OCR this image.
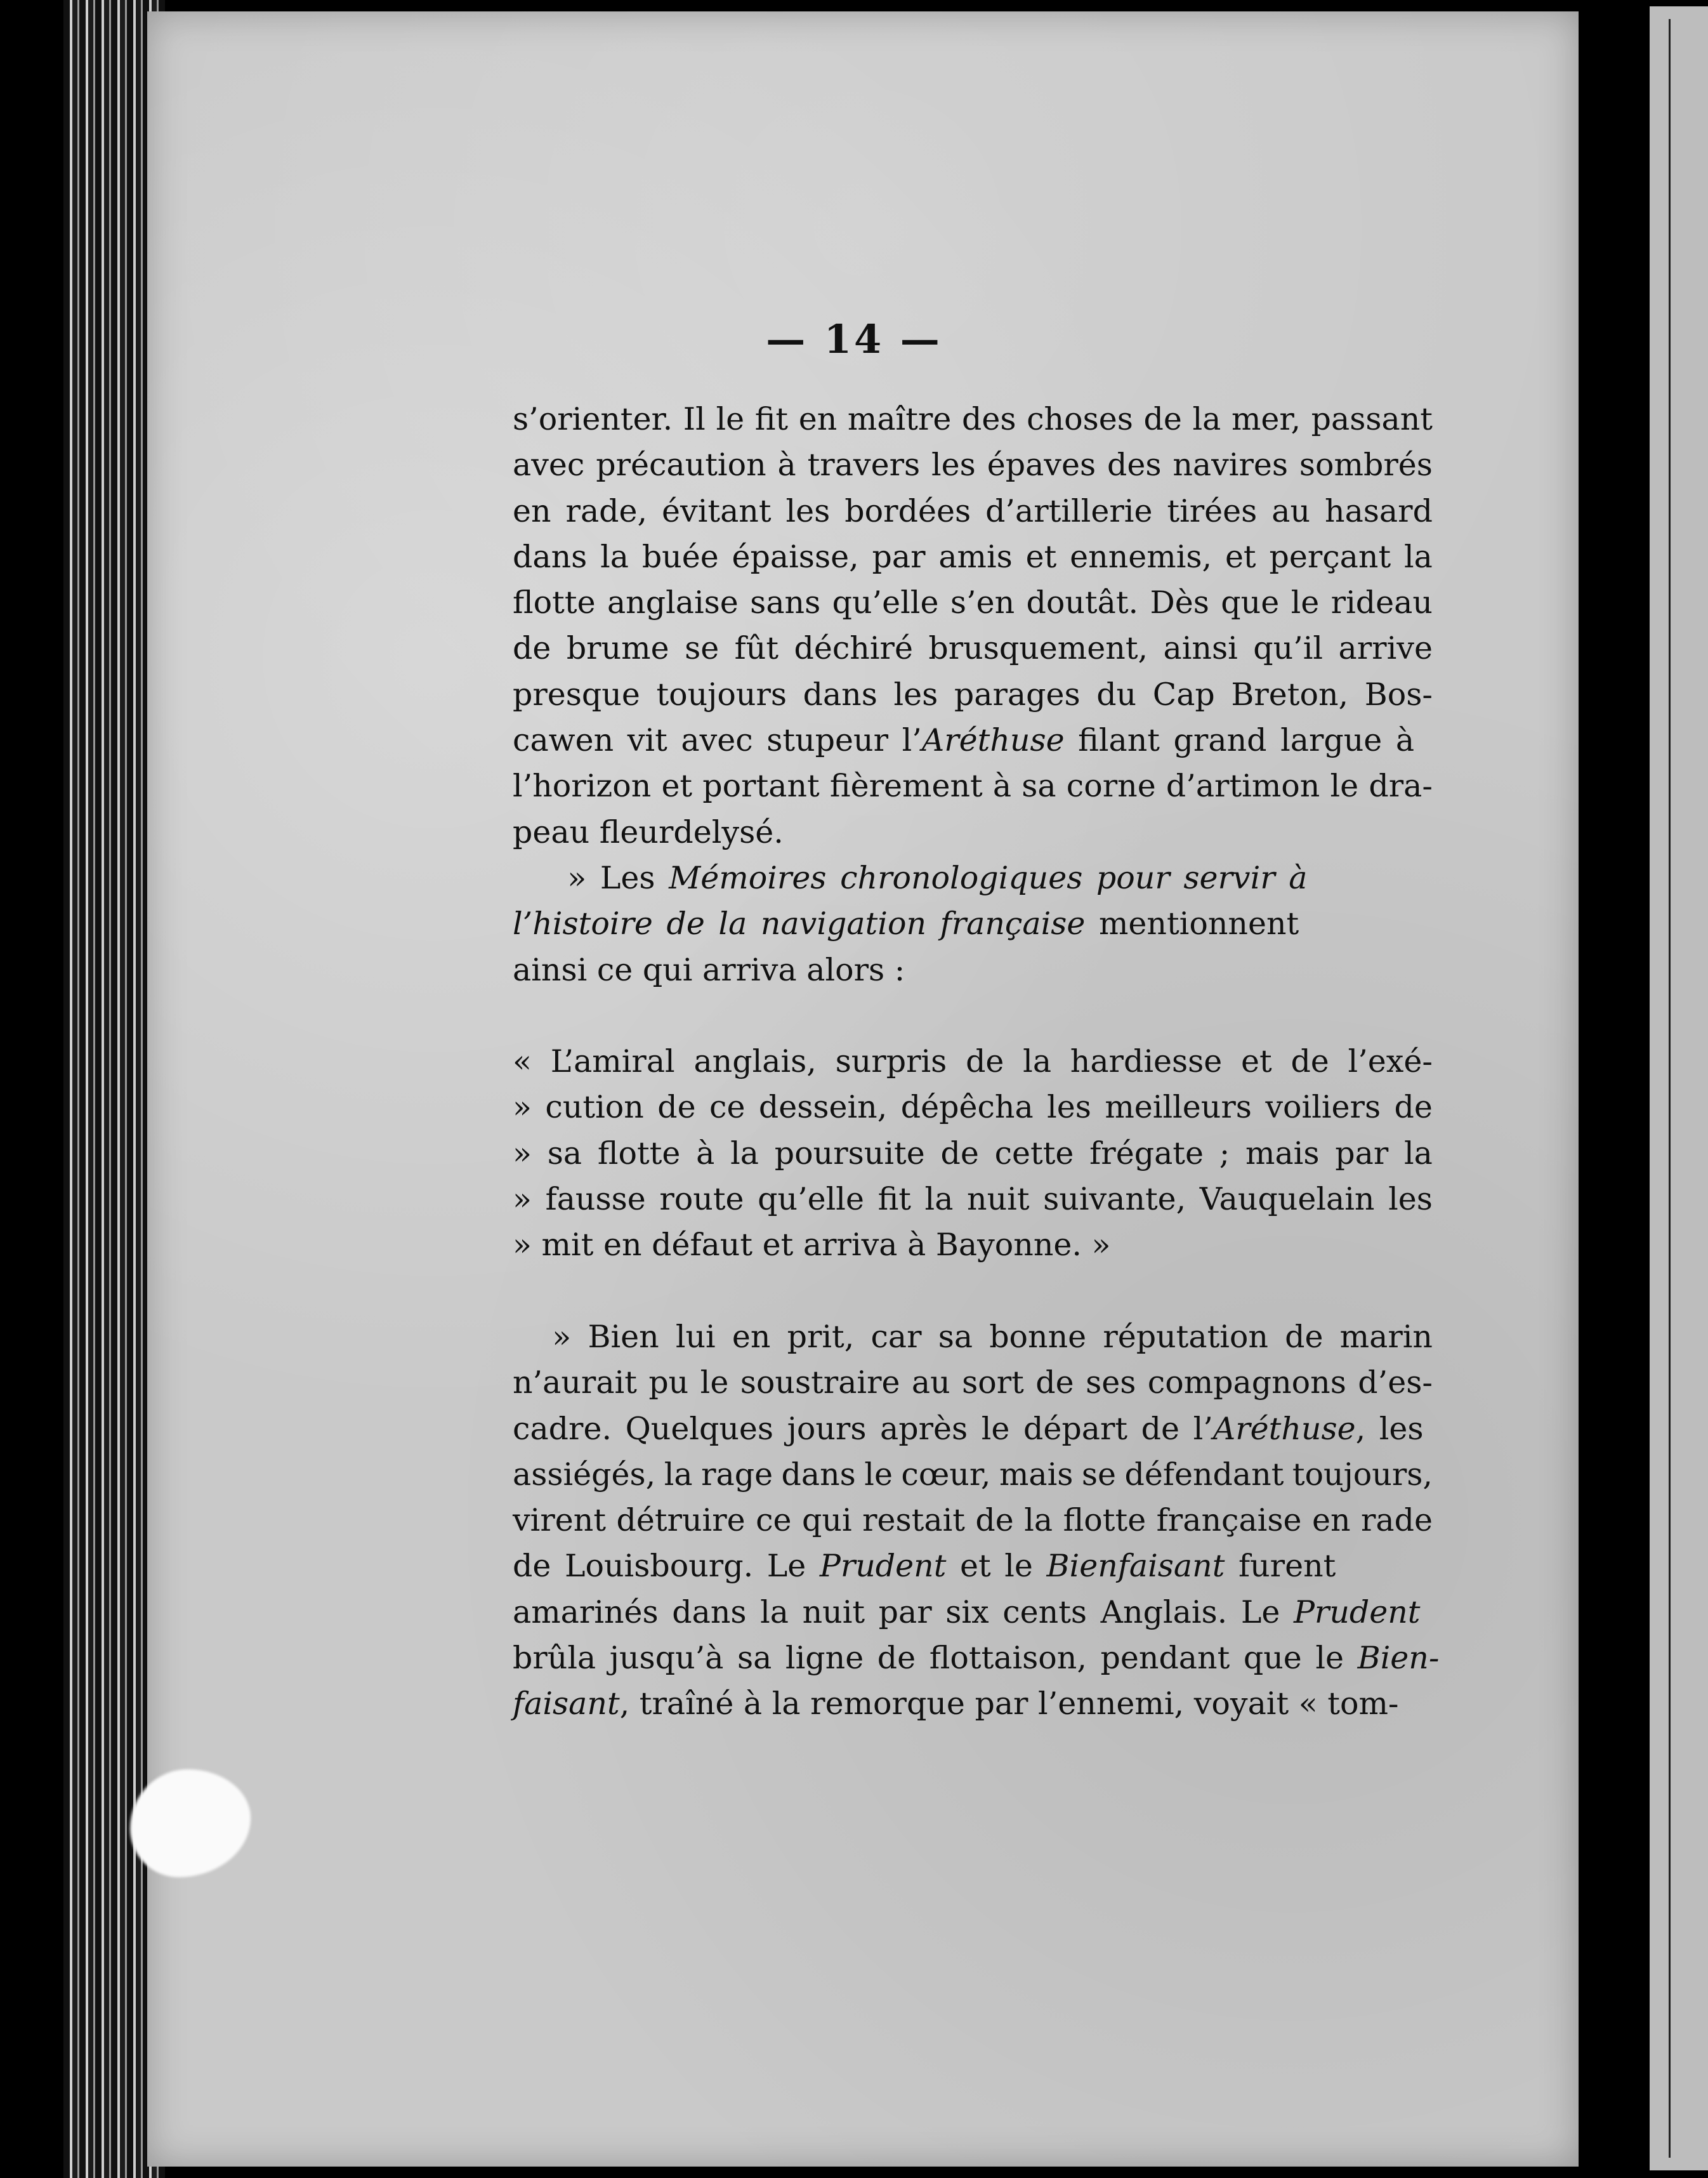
— 14 —
s’orienter. Il le fit en maître des choses de la mer, passant
avec précaution à travers les épaves des navires sombrés
en rade, évitant les bordées d’artillerie tirées au hasard
dans la buée épaisse, par amis et ennemis, et perçant la
flotte anglaise sans qu’elle s’en doutât. Dès que le rideau
de brume se fût déchiré brusquement, ainsi qu’il arrive
presque toujours dans les parages du Cap Breton, Bos-
cawen vit avec stupeur l’ Aréthuse filant grand largue à
l’horizon et portant fièrement à sa corne d’artimon le dra-
peau fleurdelysé.
» Les Mémoires chronologiques pour servir à
l’histoire de la navigation française mentionnent
ainsi ce qui arriva alors :
« L’amiral anglais, surpris de la hardiesse et de l’exé-
» cution de ce dessein, dépêcha les meilleurs voiliers de
» sa flotte à la poursuite de cette frégate ; mais par la
» fausse route qu’elle fit la nuit suivante, Vauquelain les
» mit en défaut et arriva à Bayonne. »
» Bien lui en prit, car sa bonne réputation de marin
n’aurait pu le soustraire au sort de ses compagnons d’es-
cadre. Quelques jours après le départ de l’ Aréthuse , les
assiégés, la rage dans le cœur, mais se défendant toujours,
virent détruire ce qui restait de la flotte française en rade
de Louisbourg. Le Prudent et le Bienfaisant furent
amarinés dans la nuit par six cents Anglais. Le Prudent
brûla jusqu’à sa ligne de flottaison, pendant que le Bien-
faisant , traîné à la remorque par l’ennemi, voyait « tom-
